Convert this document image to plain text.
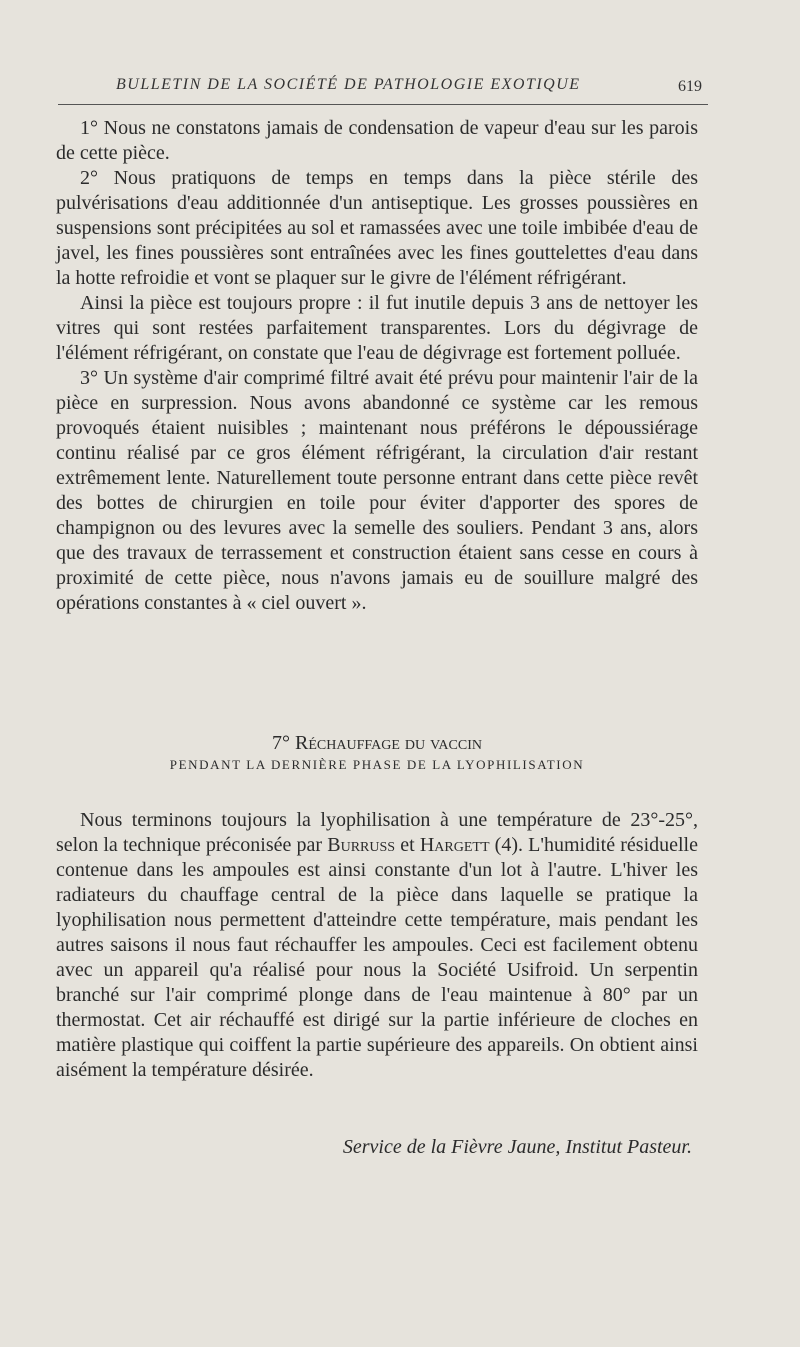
BULLETIN DE LA SOCIÉTÉ DE PATHOLOGIE EXOTIQUE	619

1° Nous ne constatons jamais de condensation de vapeur d'eau sur les parois de cette pièce.

2° Nous pratiquons de temps en temps dans la pièce stérile des pulvérisations d'eau additionnée d'un antiseptique. Les grosses poussières en suspensions sont précipitées au sol et ramassées avec une toile imbibée d'eau de javel, les fines poussières sont entraînées avec les fines gouttelettes d'eau dans la hotte refroidie et vont se plaquer sur le givre de l'élément réfrigérant.

Ainsi la pièce est toujours propre : il fut inutile depuis 3 ans de nettoyer les vitres qui sont restées parfaitement transparentes. Lors du dégivrage de l'élément réfrigérant, on constate que l'eau de dégivrage est fortement polluée.

3° Un système d'air comprimé filtré avait été prévu pour maintenir l'air de la pièce en surpression. Nous avons abandonné ce système car les remous provoqués étaient nuisibles ; maintenant nous préférons le dépoussiérage continu réalisé par ce gros élément réfrigérant, la circulation d'air restant extrêmement lente. Naturellement toute personne entrant dans cette pièce revêt des bottes de chirurgien en toile pour éviter d'apporter des spores de champignon ou des levures avec la semelle des souliers. Pendant 3 ans, alors que des travaux de terrassement et construction étaient sans cesse en cours à proximité de cette pièce, nous n'avons jamais eu de souillure malgré des opérations constantes à « ciel ouvert ».

7° Réchauffage du vaccin
PENDANT LA DERNIÈRE PHASE DE LA LYOPHILISATION

Nous terminons toujours la lyophilisation à une température de 23°-25°, selon la technique préconisée par Burruss et Hargett (4). L'humidité résiduelle contenue dans les ampoules est ainsi constante d'un lot à l'autre. L'hiver les radiateurs du chauffage central de la pièce dans laquelle se pratique la lyophilisation nous permettent d'atteindre cette température, mais pendant les autres saisons il nous faut réchauffer les ampoules. Ceci est facilement obtenu avec un appareil qu'a réalisé pour nous la Société Usifroid. Un serpentin branché sur l'air comprimé plonge dans de l'eau maintenue à 80° par un thermostat. Cet air réchauffé est dirigé sur la partie inférieure de cloches en matière plastique qui coiffent la partie supérieure des appareils. On obtient ainsi aisément la température désirée.

Service de la Fièvre Jaune, Institut Pasteur.
